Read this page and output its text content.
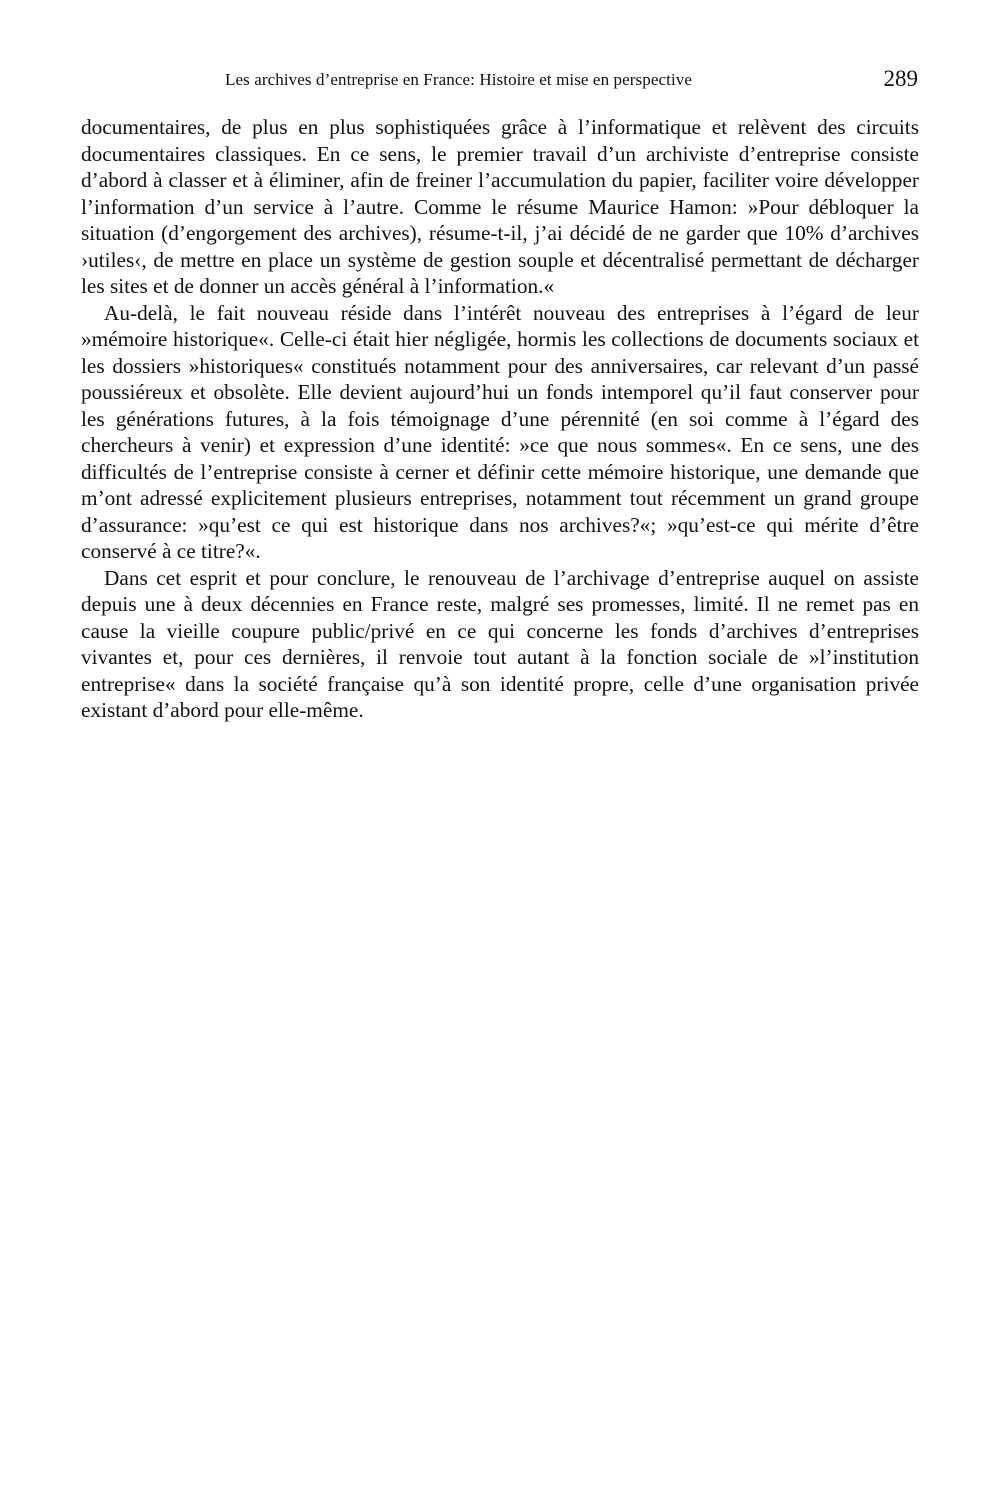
Les archives d’entreprise en France: Histoire et mise en perspective	289

documentaires, de plus en plus sophistiquées grâce à l’informatique et relèvent des circuits documentaires classiques. En ce sens, le premier travail d’un archiviste d’entreprise consiste d’abord à classer et à éliminer, afin de freiner l’accumulation du papier, faciliter voire développer l’information d’un service à l’autre. Comme le résume Maurice Hamon: »Pour débloquer la situation (d’engorgement des archives), résume-t-il, j’ai décidé de ne garder que 10% d’archives ›utiles‹, de mettre en place un système de gestion souple et décentralisé permettant de décharger les sites et de donner un accès général à l’information.«

Au-delà, le fait nouveau réside dans l’intérêt nouveau des entreprises à l’égard de leur »mémoire historique«. Celle-ci était hier négligée, hormis les collections de documents sociaux et les dossiers »historiques« constitués notamment pour des anniversaires, car relevant d’un passé poussiéreux et obsolète. Elle devient aujourd’hui un fonds intemporel qu’il faut conserver pour les générations futures, à la fois témoignage d’une pérennité (en soi comme à l’égard des chercheurs à venir) et expression d’une identité: »ce que nous sommes«. En ce sens, une des difficultés de l’entreprise consiste à cerner et définir cette mémoire historique, une demande que m’ont adressé explicitement plusieurs entreprises, notamment tout récemment un grand groupe d’assurance: »qu’est ce qui est historique dans nos archives?«; »qu’est-ce qui mérite d’être conservé à ce titre?«.

Dans cet esprit et pour conclure, le renouveau de l’archivage d’entreprise auquel on assiste depuis une à deux décennies en France reste, malgré ses promesses, limité. Il ne remet pas en cause la vieille coupure public/privé en ce qui concerne les fonds d’archives d’entreprises vivantes et, pour ces dernières, il renvoie tout autant à la fonction sociale de »l’institution entreprise« dans la société française qu’à son identité propre, celle d’une organisation privée existant d’abord pour elle-même.
